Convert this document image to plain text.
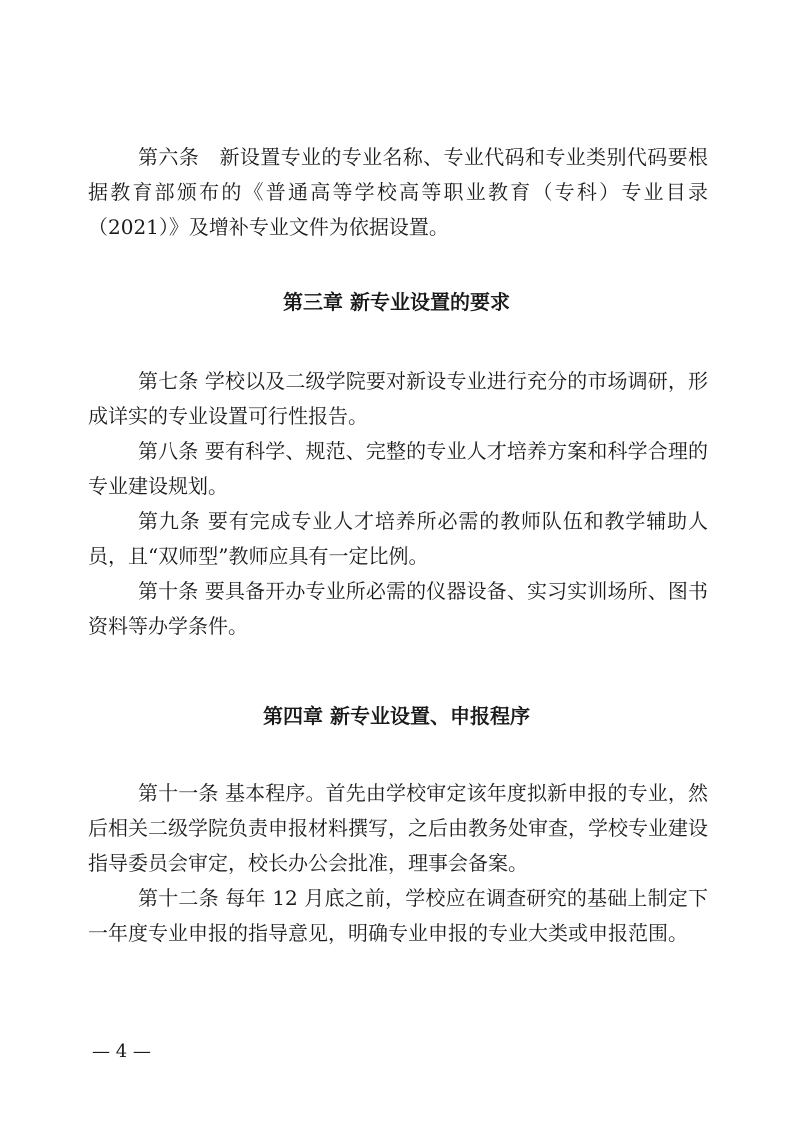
第六条　新设置专业的专业名称、专业代码和专业类别代码要根据教育部颁布的《普通高等学校高等职业教育（专科）专业目录（2021）》及增补专业文件为依据设置。

第三章 新专业设置的要求

第七条 学校以及二级学院要对新设专业进行充分的市场调研，形成详实的专业设置可行性报告。

第八条 要有科学、规范、完整的专业人才培养方案和科学合理的专业建设规划。

第九条 要有完成专业人才培养所必需的教师队伍和教学辅助人员，且“双师型”教师应具有一定比例。

第十条 要具备开办专业所必需的仪器设备、实习实训场所、图书资料等办学条件。

第四章 新专业设置、申报程序

第十一条 基本程序。首先由学校审定该年度拟新申报的专业，然后相关二级学院负责申报材料撰写，之后由教务处审查，学校专业建设指导委员会审定，校长办公会批准，理事会备案。

第十二条 每年 12 月底之前，学校应在调查研究的基础上制定下一年度专业申报的指导意见，明确专业申报的专业大类或申报范围。

— 4 —
